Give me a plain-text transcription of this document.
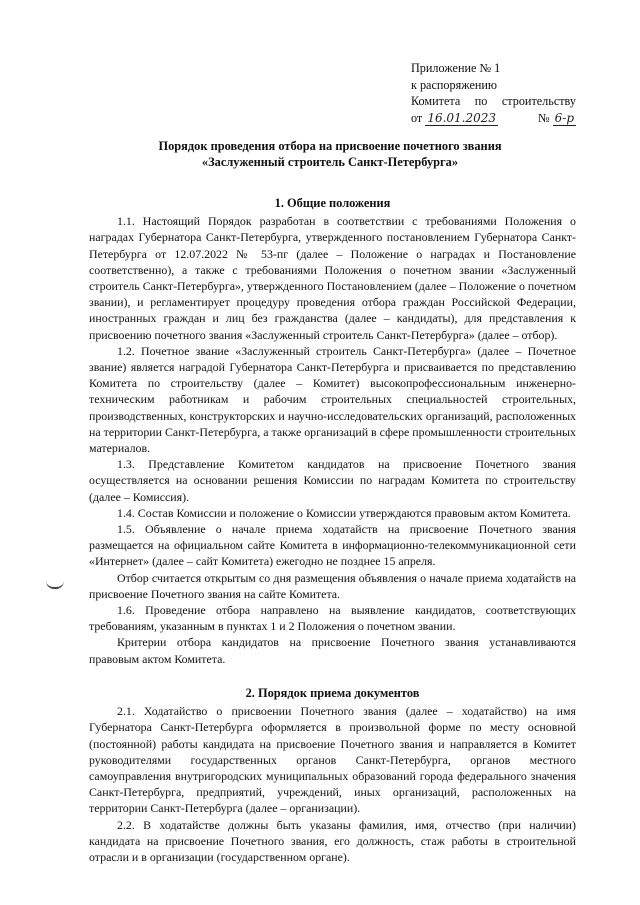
Приложение № 1
к распоряжению
Комитета по строительству
от 16.01.2023	№ 6-р
Порядок проведения отбора на присвоение почетного звания
«Заслуженный строитель Санкт-Петербурга»
1. Общие положения

1.1. Настоящий Порядок разработан в соответствии с требованиями Положения о наградах Губернатора Санкт-Петербурга, утвержденного постановлением Губернатора Санкт-Петербурга от 12.07.2022 № 53-пг (далее – Положение о наградах и Постановление соответственно), а также с требованиями Положения о почетном звании «Заслуженный строитель Санкт-Петербурга», утвержденного Постановлением (далее – Положение о почетном звании), и регламентирует процедуру проведения отбора граждан Российской Федерации, иностранных граждан и лиц без гражданства (далее – кандидаты), для представления к присвоению почетного звания «Заслуженный строитель Санкт-Петербурга» (далее – отбор).

1.2. Почетное звание «Заслуженный строитель Санкт-Петербурга» (далее – Почетное звание) является наградой Губернатора Санкт-Петербурга и присваивается по представлению Комитета по строительству (далее – Комитет) высокопрофессиональным инженерно-техническим работникам и рабочим строительных специальностей строительных, производственных, конструкторских и научно-исследовательских организаций, расположенных на территории Санкт-Петербурга, а также организаций в сфере промышленности строительных материалов.

1.3. Представление Комитетом кандидатов на присвоение Почетного звания осуществляется на основании решения Комиссии по наградам Комитета по строительству (далее – Комиссия).

1.4. Состав Комиссии и положение о Комиссии утверждаются правовым актом Комитета.

1.5. Объявление о начале приема ходатайств на присвоение Почетного звания размещается на официальном сайте Комитета в информационно-телекоммуникационной сети «Интернет» (далее – сайт Комитета) ежегодно не позднее 15 апреля.

Отбор считается открытым со дня размещения объявления о начале приема ходатайств на присвоение Почетного звания на сайте Комитета.

1.6. Проведение отбора направлено на выявление кандидатов, соответствующих требованиям, указанным в пунктах 1 и 2 Положения о почетном звании.

Критерии отбора кандидатов на присвоение Почетного звания устанавливаются правовым актом Комитета.

2. Порядок приема документов

2.1. Ходатайство о присвоении Почетного звания (далее – ходатайство) на имя Губернатора Санкт-Петербурга оформляется в произвольной форме по месту основной (постоянной) работы кандидата на присвоение Почетного звания и направляется в Комитет руководителями государственных органов Санкт-Петербурга, органов местного самоуправления внутригородских муниципальных образований города федерального значения Санкт-Петербурга, предприятий, учреждений, иных организаций, расположенных на территории Санкт-Петербурга (далее – организации).

2.2. В ходатайстве должны быть указаны фамилия, имя, отчество (при наличии) кандидата на присвоение Почетного звания, его должность, стаж работы в строительной отрасли и в организации (государственном органе).
